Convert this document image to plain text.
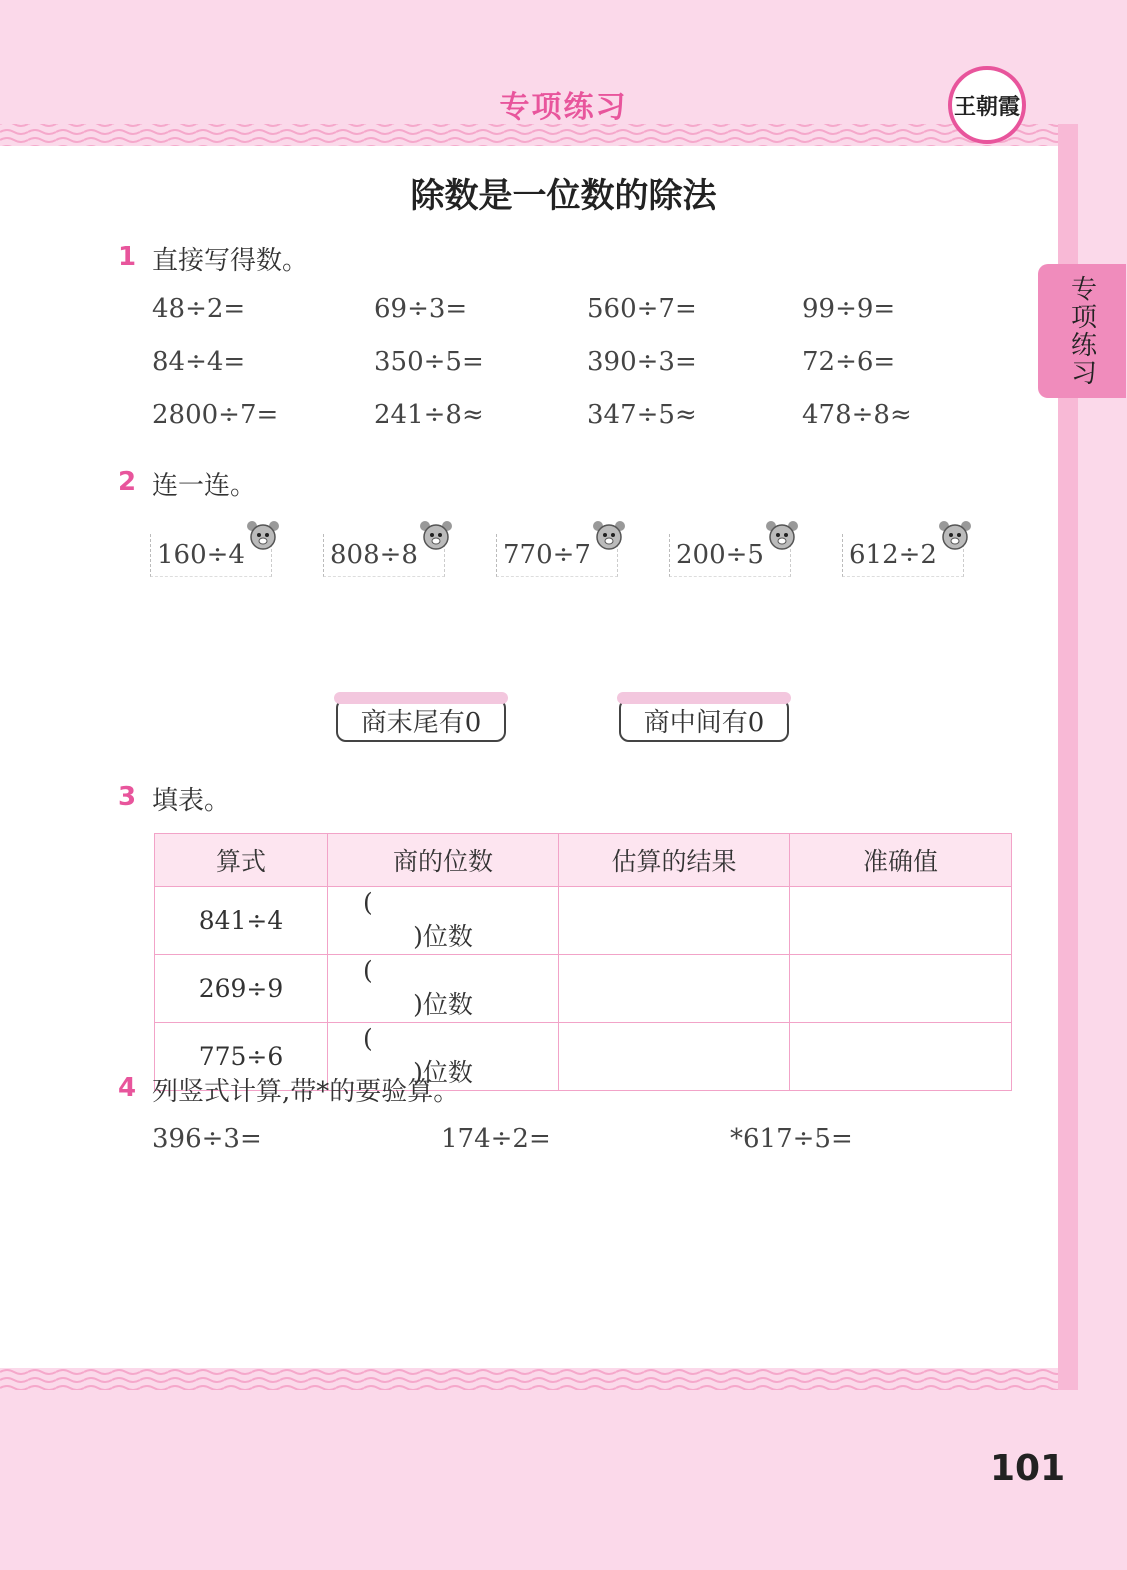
专项练习	王朝霞
专项练习
除数是一位数的除法
1 直接写得数。
48÷2=	69÷3=	560÷7=	99÷9=
84÷4=	350÷5=	390÷3=	72÷6=
2800÷7=	241÷8≈	347÷5≈	478÷8≈
2 连一连。
160÷4	808÷8	770÷7	200÷5	612÷2
商末尾有0	商中间有0
3 填表。
算式	商的位数	估算的结果	准确值
841÷4	()位数		
269÷9	()位数		
775÷6	()位数		
4 列竖式计算,带*的要验算。
396÷3=	174÷2=	*617÷5=
101
